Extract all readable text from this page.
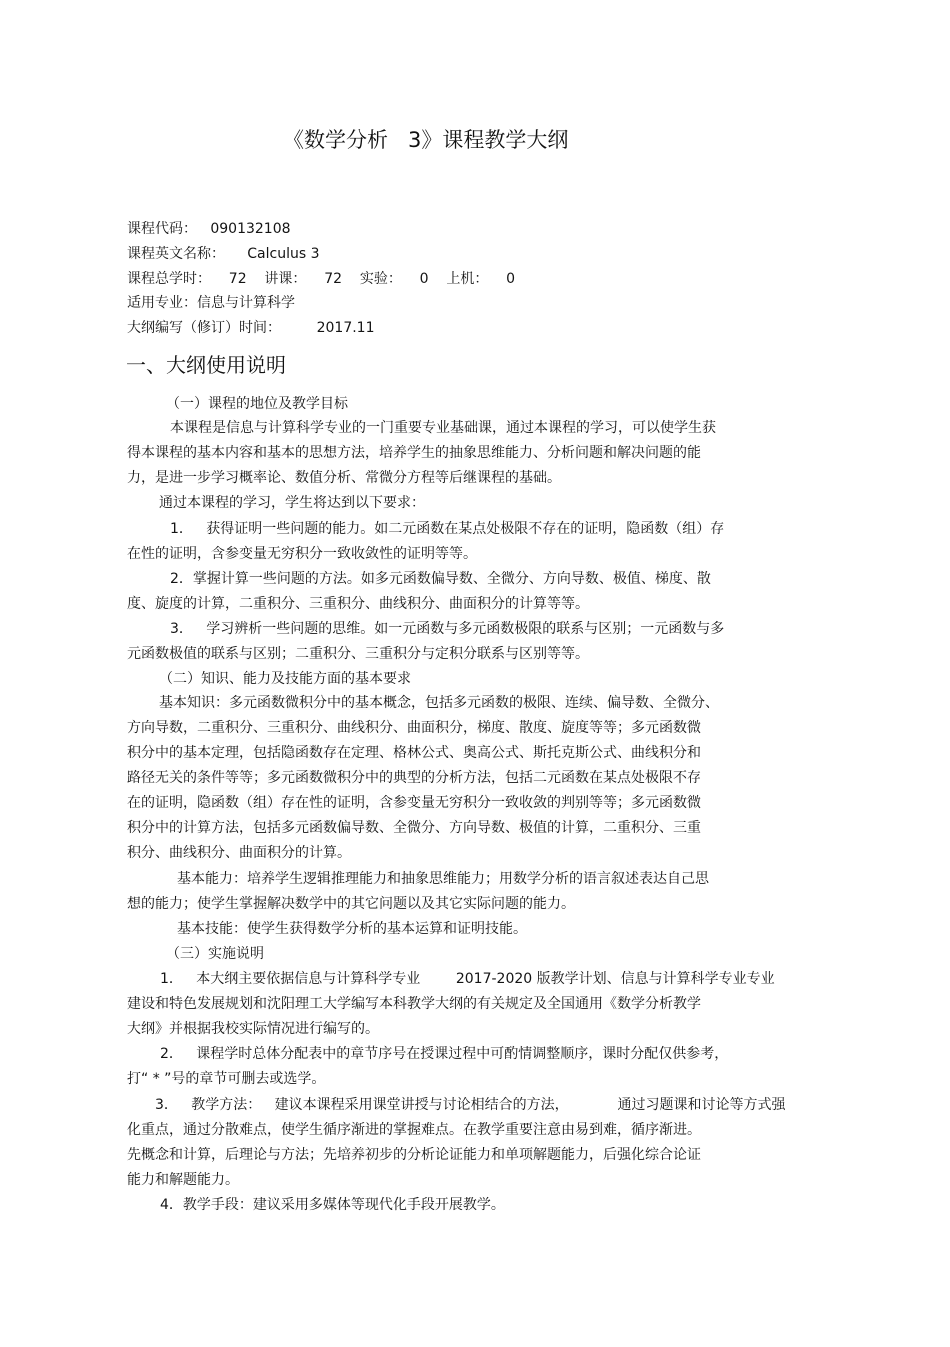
《数学分析   3》课程教学大纲
课程代码：   090132108
课程英文名称：     Calculus 3
课程总学时：    72    讲课：    72    实验：    0    上机：    0
适用专业：信息与计算科学
大纲编写（修订）时间：        2017.11
一、大纲使用说明
（一）课程的地位及教学目标
本课程是信息与计算科学专业的一门重要专业基础课，通过本课程的学习，可以使学生获
得本课程的基本内容和基本的思想方法，培养学生的抽象思维能力、分析问题和解决问题的能
力，是进一步学习概率论、数值分析、常微分方程等后继课程的基础。
通过本课程的学习，学生将达到以下要求：
1．   获得证明一些问题的能力。如二元函数在某点处极限不存在的证明，隐函数（组）存
在性的证明，含参变量无穷积分一致收敛性的证明等等。
2．掌握计算一些问题的方法。如多元函数偏导数、全微分、方向导数、极值、梯度、散
度、旋度的计算，二重积分、三重积分、曲线积分、曲面积分的计算等等。
3．   学习辨析一些问题的思维。如一元函数与多元函数极限的联系与区别；一元函数与多
元函数极值的联系与区别；二重积分、三重积分与定积分联系与区别等等。
（二）知识、能力及技能方面的基本要求
基本知识：多元函数微积分中的基本概念，包括多元函数的极限、连续、偏导数、全微分、
方向导数，二重积分、三重积分、曲线积分、曲面积分，梯度、散度、旋度等等；多元函数微
积分中的基本定理，包括隐函数存在定理、格林公式、奥高公式、斯托克斯公式、曲线积分和
路径无关的条件等等；多元函数微积分中的典型的分析方法，包括二元函数在某点处极限不存
在的证明，隐函数（组）存在性的证明，含参变量无穷积分一致收敛的判别等等；多元函数微
积分中的计算方法，包括多元函数偏导数、全微分、方向导数、极值的计算，二重积分、三重
积分、曲线积分、曲面积分的计算。
基本能力：培养学生逻辑推理能力和抽象思维能力；用数学分析的语言叙述表达自己思
想的能力；使学生掌握解决数学中的其它问题以及其它实际问题的能力。
基本技能：使学生获得数学分析的基本运算和证明技能。
（三）实施说明
1．   本大纲主要依据信息与计算科学专业        2017-2020 版教学计划、信息与计算科学专业专业
建设和特色发展规划和沈阳理工大学编写本科教学大纲的有关规定及全国通用《数学分析教学
大纲》并根据我校实际情况进行编写的。
2．   课程学时总体分配表中的章节序号在授课过程中可酌情调整顺序，课时分配仅供参考，
打“ * ”号的章节可删去或选学。
3．   教学方法：   建议本课程采用课堂讲授与讨论相结合的方法，           通过习题课和讨论等方式强
化重点，通过分散难点，使学生循序渐进的掌握难点。在教学重要注意由易到难，循序渐进。
先概念和计算，后理论与方法；先培养初步的分析论证能力和单项解题能力，后强化综合论证
能力和解题能力。
4．教学手段：建议采用多媒体等现代化手段开展教学。
